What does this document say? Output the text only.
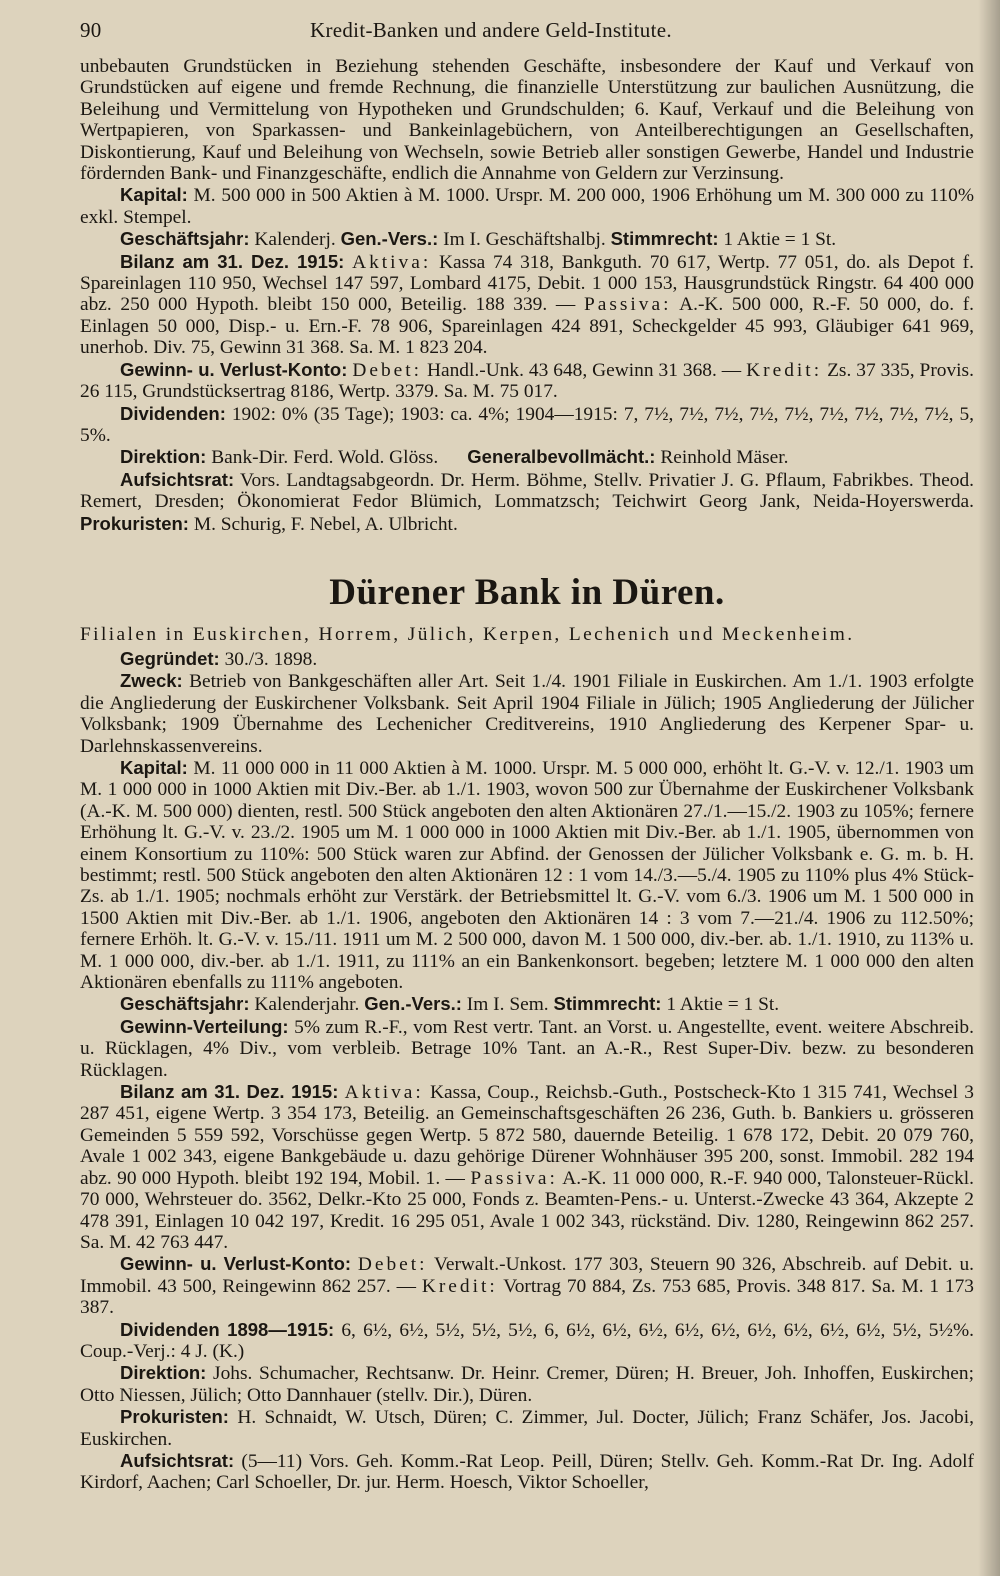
90	Kredit-Banken und andere Geld-Institute.

unbebauten Grundstücken in Beziehung stehenden Geschäfte, insbesondere der Kauf und Verkauf von Grundstücken auf eigene und fremde Rechnung, die finanzielle Unterstützung zur baulichen Ausnützung, die Beleihung und Vermittelung von Hypotheken und Grundschulden; 6. Kauf, Verkauf und die Beleihung von Wertpapieren, von Sparkassen- und Bankeinlagebüchern, von Anteilberechtigungen an Gesellschaften, Diskontierung, Kauf und Beleihung von Wechseln, sowie Betrieb aller sonstigen Gewerbe, Handel und Industrie fördernden Bank- und Finanzgeschäfte, endlich die Annahme von Geldern zur Verzinsung.

Kapital: M. 500 000 in 500 Aktien à M. 1000. Urspr. M. 200 000, 1906 Erhöhung um M. 300 000 zu 110% exkl. Stempel.

Geschäftsjahr: Kalenderj. Gen.-Vers.: Im I. Geschäftshalbj. Stimmrecht: 1 Aktie = 1 St.

Bilanz am 31. Dez. 1915: Aktiva: Kassa 74 318, Bankguth. 70 617, Wertp. 77 051, do. als Depot f. Spareinlagen 110 950, Wechsel 147 597, Lombard 4175, Debit. 1 000 153, Hausgrundstück Ringstr. 64 400 000 abz. 250 000 Hypoth. bleibt 150 000, Beteilig. 188 339. — Passiva: A.-K. 500 000, R.-F. 50 000, do. f. Einlagen 50 000, Disp.- u. Ern.-F. 78 906, Spareinlagen 424 891, Scheckgelder 45 993, Gläubiger 641 969, unerhob. Div. 75, Gewinn 31 368. Sa. M. 1 823 204.

Gewinn- u. Verlust-Konto: Debet: Handl.-Unk. 43 648, Gewinn 31 368. — Kredit: Zs. 37 335, Provis. 26 115, Grundstücksertrag 8186, Wertp. 3379. Sa. M. 75 017.

Dividenden: 1902: 0% (35 Tage); 1903: ca. 4%; 1904—1915: 7, 7½, 7½, 7½, 7½, 7½, 7½, 7½, 7½, 7½, 5, 5%.

Direktion: Bank-Dir. Ferd. Wold. Glöss. Generalbevollmächt.: Reinhold Mäser.

Aufsichtsrat: Vors. Landtagsabgeordn. Dr. Herm. Böhme, Stellv. Privatier J. G. Pflaum, Fabrikbes. Theod. Remert, Dresden; Ökonomierat Fedor Blümich, Lommatzsch; Teichwirt Georg Jank, Neida-Hoyerswerda. Prokuristen: M. Schurig, F. Nebel, A. Ulbricht.

Dürener Bank in Düren.
Filialen in Euskirchen, Horrem, Jülich, Kerpen, Lechenich und Meckenheim.

Gegründet: 30./3. 1898.

Zweck: Betrieb von Bankgeschäften aller Art. Seit 1./4. 1901 Filiale in Euskirchen. Am 1./1. 1903 erfolgte die Angliederung der Euskirchener Volksbank. Seit April 1904 Filiale in Jülich; 1905 Angliederung der Jülicher Volksbank; 1909 Übernahme des Lechenicher Creditvereins, 1910 Angliederung des Kerpener Spar- u. Darlehnskassenvereins.

Kapital: M. 11 000 000 in 11 000 Aktien à M. 1000. Urspr. M. 5 000 000, erhöht lt. G.-V. v. 12./1. 1903 um M. 1 000 000 in 1000 Aktien mit Div.-Ber. ab 1./1. 1903, wovon 500 zur Übernahme der Euskirchener Volksbank (A.-K. M. 500 000) dienten, restl. 500 Stück angeboten den alten Aktionären 27./1.—15./2. 1903 zu 105%; fernere Erhöhung lt. G.-V. v. 23./2. 1905 um M. 1 000 000 in 1000 Aktien mit Div.-Ber. ab 1./1. 1905, übernommen von einem Konsortium zu 110%: 500 Stück waren zur Abfind. der Genossen der Jülicher Volksbank e. G. m. b. H. bestimmt; restl. 500 Stück angeboten den alten Aktionären 12 : 1 vom 14./3.—5./4. 1905 zu 110% plus 4% Stück-Zs. ab 1./1. 1905; nochmals erhöht zur Verstärk. der Betriebsmittel lt. G.-V. vom 6./3. 1906 um M. 1 500 000 in 1500 Aktien mit Div.-Ber. ab 1./1. 1906, angeboten den Aktionären 14 : 3 vom 7.—21./4. 1906 zu 112.50%; fernere Erhöh. lt. G.-V. v. 15./11. 1911 um M. 2 500 000, davon M. 1 500 000, div.-ber. ab. 1./1. 1910, zu 113% u. M. 1 000 000, div.-ber. ab 1./1. 1911, zu 111% an ein Bankenkonsort. begeben; letztere M. 1 000 000 den alten Aktionären ebenfalls zu 111% angeboten.

Geschäftsjahr: Kalenderjahr. Gen.-Vers.: Im I. Sem. Stimmrecht: 1 Aktie = 1 St.

Gewinn-Verteilung: 5% zum R.-F., vom Rest vertr. Tant. an Vorst. u. Angestellte, event. weitere Abschreib. u. Rücklagen, 4% Div., vom verbleib. Betrage 10% Tant. an A.-R., Rest Super-Div. bezw. zu besonderen Rücklagen.

Bilanz am 31. Dez. 1915: Aktiva: Kassa, Coup., Reichsb.-Guth., Postscheck-Kto 1 315 741, Wechsel 3 287 451, eigene Wertp. 3 354 173, Beteilig. an Gemeinschaftsgeschäften 26 236, Guth. b. Bankiers u. grösseren Gemeinden 5 559 592, Vorschüsse gegen Wertp. 5 872 580, dauernde Beteilig. 1 678 172, Debit. 20 079 760, Avale 1 002 343, eigene Bankgebäude u. dazu gehörige Dürener Wohnhäuser 395 200, sonst. Immobil. 282 194 abz. 90 000 Hypoth. bleibt 192 194, Mobil. 1. — Passiva: A.-K. 11 000 000, R.-F. 940 000, Talonsteuer-Rückl. 70 000, Wehrsteuer do. 3562, Delkr.-Kto 25 000, Fonds z. Beamten-Pens.- u. Unterst.-Zwecke 43 364, Akzepte 2 478 391, Einlagen 10 042 197, Kredit. 16 295 051, Avale 1 002 343, rückständ. Div. 1280, Reingewinn 862 257. Sa. M. 42 763 447.

Gewinn- u. Verlust-Konto: Debet: Verwalt.-Unkost. 177 303, Steuern 90 326, Abschreib. auf Debit. u. Immobil. 43 500, Reingewinn 862 257. — Kredit: Vortrag 70 884, Zs. 753 685, Provis. 348 817. Sa. M. 1 173 387.

Dividenden 1898—1915: 6, 6½, 6½, 5½, 5½, 5½, 6, 6½, 6½, 6½, 6½, 6½, 6½, 6½, 6½, 6½, 5½, 5½%. Coup.-Verj.: 4 J. (K.)

Direktion: Johs. Schumacher, Rechtsanw. Dr. Heinr. Cremer, Düren; H. Breuer, Joh. Inhoffen, Euskirchen; Otto Niessen, Jülich; Otto Dannhauer (stellv. Dir.), Düren.

Prokuristen: H. Schnaidt, W. Utsch, Düren; C. Zimmer, Jul. Docter, Jülich; Franz Schäfer, Jos. Jacobi, Euskirchen.

Aufsichtsrat: (5—11) Vors. Geh. Komm.-Rat Leop. Peill, Düren; Stellv. Geh. Komm.-Rat Dr. Ing. Adolf Kirdorf, Aachen; Carl Schoeller, Dr. jur. Herm. Hoesch, Viktor Schoeller,
